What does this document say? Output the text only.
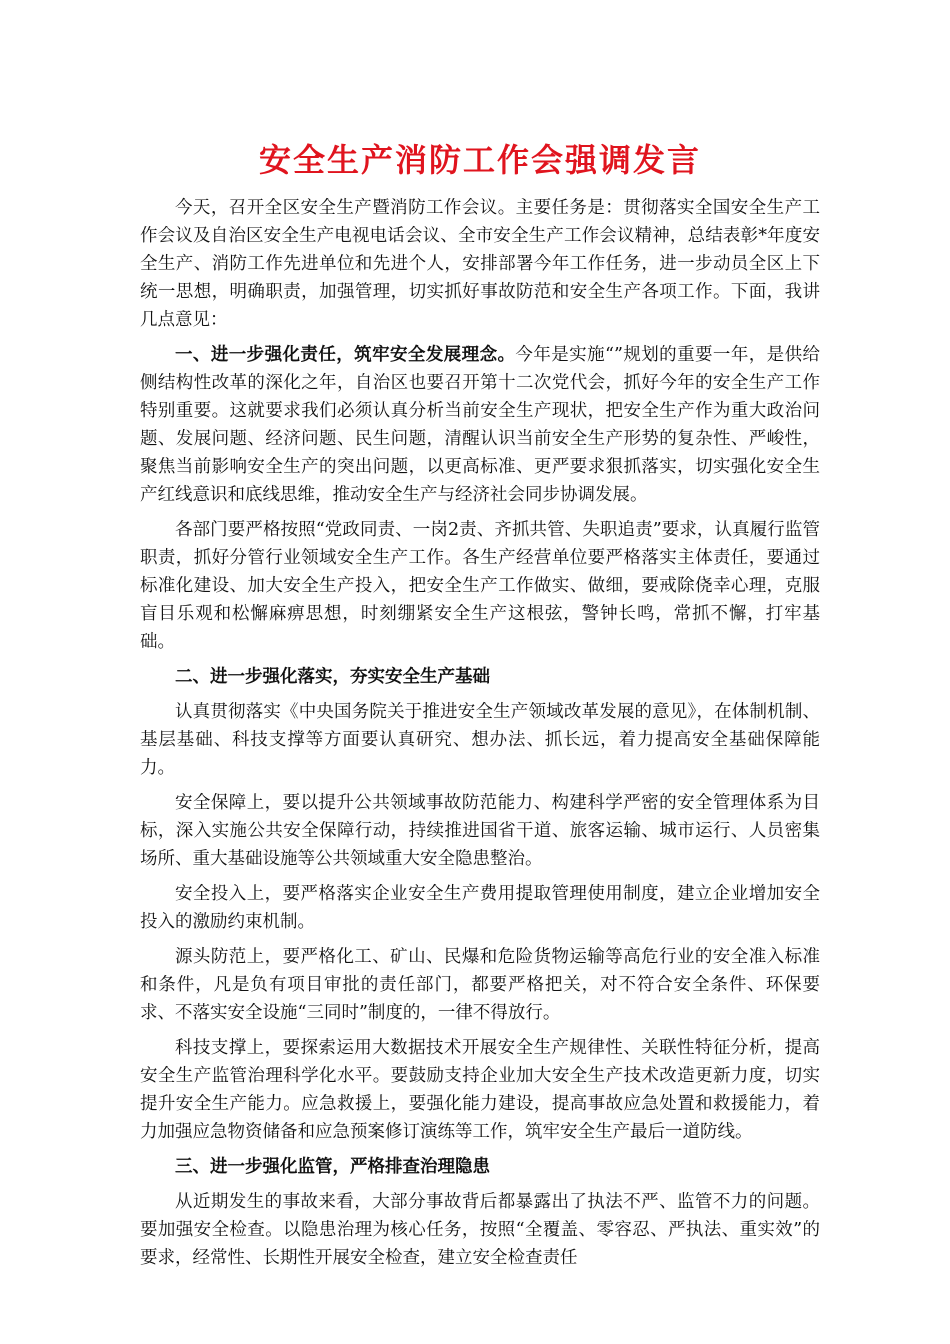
安全生产消防工作会强调发言

今天，召开全区安全生产暨消防工作会议。主要任务是：贯彻落实全国安全生产工作会议及自治区安全生产电视电话会议、全市安全生产工作会议精神，总结表彰*年度安全生产、消防工作先进单位和先进个人，安排部署今年工作任务，进一步动员全区上下统一思想，明确职责，加强管理，切实抓好事故防范和安全生产各项工作。下面，我讲几点意见：

一、进一步强化责任，筑牢安全发展理念。今年是实施“”规划的重要一年，是供给侧结构性改革的深化之年，自治区也要召开第十二次党代会，抓好今年的安全生产工作特别重要。这就要求我们必须认真分析当前安全生产现状，把安全生产作为重大政治问题、发展问题、经济问题、民生问题，清醒认识当前安全生产形势的复杂性、严峻性，聚焦当前影响安全生产的突出问题，以更高标准、更严要求狠抓落实，切实强化安全生产红线意识和底线思维，推动安全生产与经济社会同步协调发展。

各部门要严格按照“党政同责、一岗2责、齐抓共管、失职追责”要求，认真履行监管职责，抓好分管行业领域安全生产工作。各生产经营单位要严格落实主体责任，要通过标准化建设、加大安全生产投入，把安全生产工作做实、做细，要戒除侥幸心理，克服盲目乐观和松懈麻痹思想，时刻绷紧安全生产这根弦，警钟长鸣，常抓不懈，打牢基础。

二、进一步强化落实，夯实安全生产基础

认真贯彻落实《中央国务院关于推进安全生产领域改革发展的意见》，在体制机制、基层基础、科技支撑等方面要认真研究、想办法、抓长远，着力提高安全基础保障能力。

安全保障上，要以提升公共领域事故防范能力、构建科学严密的安全管理体系为目标，深入实施公共安全保障行动，持续推进国省干道、旅客运输、城市运行、人员密集场所、重大基础设施等公共领域重大安全隐患整治。

安全投入上，要严格落实企业安全生产费用提取管理使用制度，建立企业增加安全投入的激励约束机制。

源头防范上，要严格化工、矿山、民爆和危险货物运输等高危行业的安全准入标准和条件，凡是负有项目审批的责任部门，都要严格把关，对不符合安全条件、环保要求、不落实安全设施“三同时”制度的，一律不得放行。

科技支撑上，要探索运用大数据技术开展安全生产规律性、关联性特征分析，提高安全生产监管治理科学化水平。要鼓励支持企业加大安全生产技术改造更新力度，切实提升安全生产能力。应急救援上，要强化能力建设，提高事故应急处置和救援能力，着力加强应急物资储备和应急预案修订演练等工作，筑牢安全生产最后一道防线。

三、进一步强化监管，严格排查治理隐患

从近期发生的事故来看，大部分事故背后都暴露出了执法不严、监管不力的问题。要加强安全检查。以隐患治理为核心任务，按照“全覆盖、零容忍、严执法、重实效”的要求，经常性、长期性开展安全检查，建立安全检查责任
